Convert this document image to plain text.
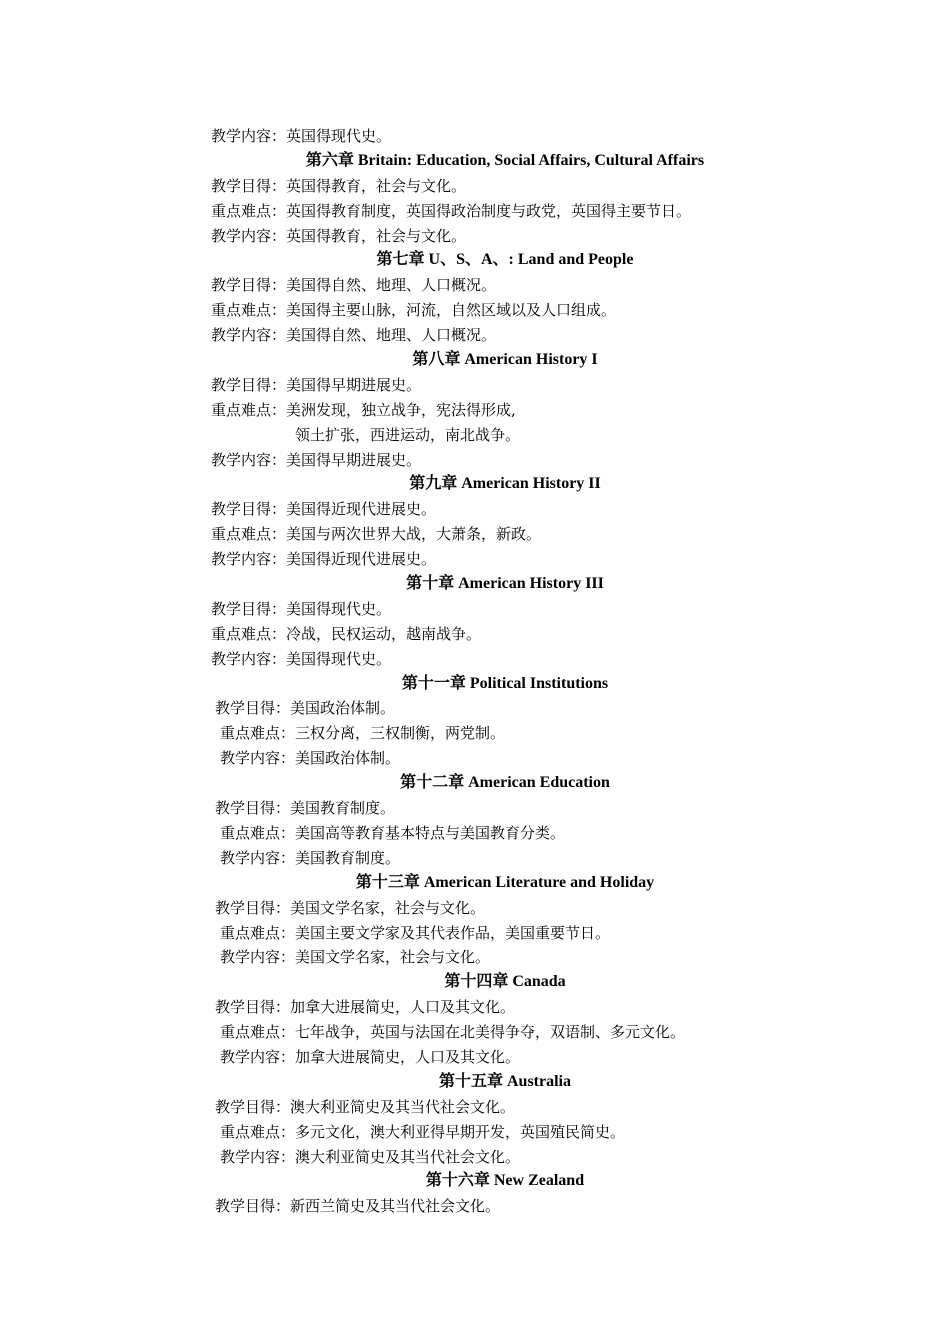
教学内容：英国得现代史。
第六章 Britain: Education, Social Affairs, Cultural Affairs
教学目得：英国得教育，社会与文化。
重点难点：英国得教育制度，英国得政治制度与政党，英国得主要节日。
教学内容：英国得教育，社会与文化。
第七章 U、S、A、: Land and People
教学目得：美国得自然、地理、人口概况。
重点难点：美国得主要山脉，河流，自然区域以及人口组成。
教学内容：美国得自然、地理、人口概况。
第八章 American History I
教学目得：美国得早期进展史。
重点难点：美洲发现，独立战争，宪法得形成,
领土扩张，西进运动，南北战争。
教学内容：美国得早期进展史。
第九章 American History II
教学目得：美国得近现代进展史。
重点难点：美国与两次世界大战，大萧条，新政。
教学内容：美国得近现代进展史。
第十章 American History III
教学目得：美国得现代史。
重点难点：冷战，民权运动，越南战争。
教学内容：美国得现代史。
第十一章 Political Institutions
教学目得：美国政治体制。
重点难点：三权分离，三权制衡，两党制。
教学内容：美国政治体制。
第十二章 American Education
教学目得：美国教育制度。
重点难点：美国高等教育基本特点与美国教育分类。
教学内容：美国教育制度。
第十三章 American Literature and Holiday
教学目得：美国文学名家，社会与文化。
重点难点：美国主要文学家及其代表作品，美国重要节日。
教学内容：美国文学名家，社会与文化。
第十四章 Canada
教学目得：加拿大进展简史，人口及其文化。
重点难点：七年战争，英国与法国在北美得争夺，双语制、多元文化。
教学内容：加拿大进展简史，人口及其文化。
第十五章 Australia
教学目得：澳大利亚简史及其当代社会文化。
重点难点：多元文化，澳大利亚得早期开发，英国殖民简史。
教学内容：澳大利亚简史及其当代社会文化。
第十六章 New Zealand
教学目得：新西兰简史及其当代社会文化。
